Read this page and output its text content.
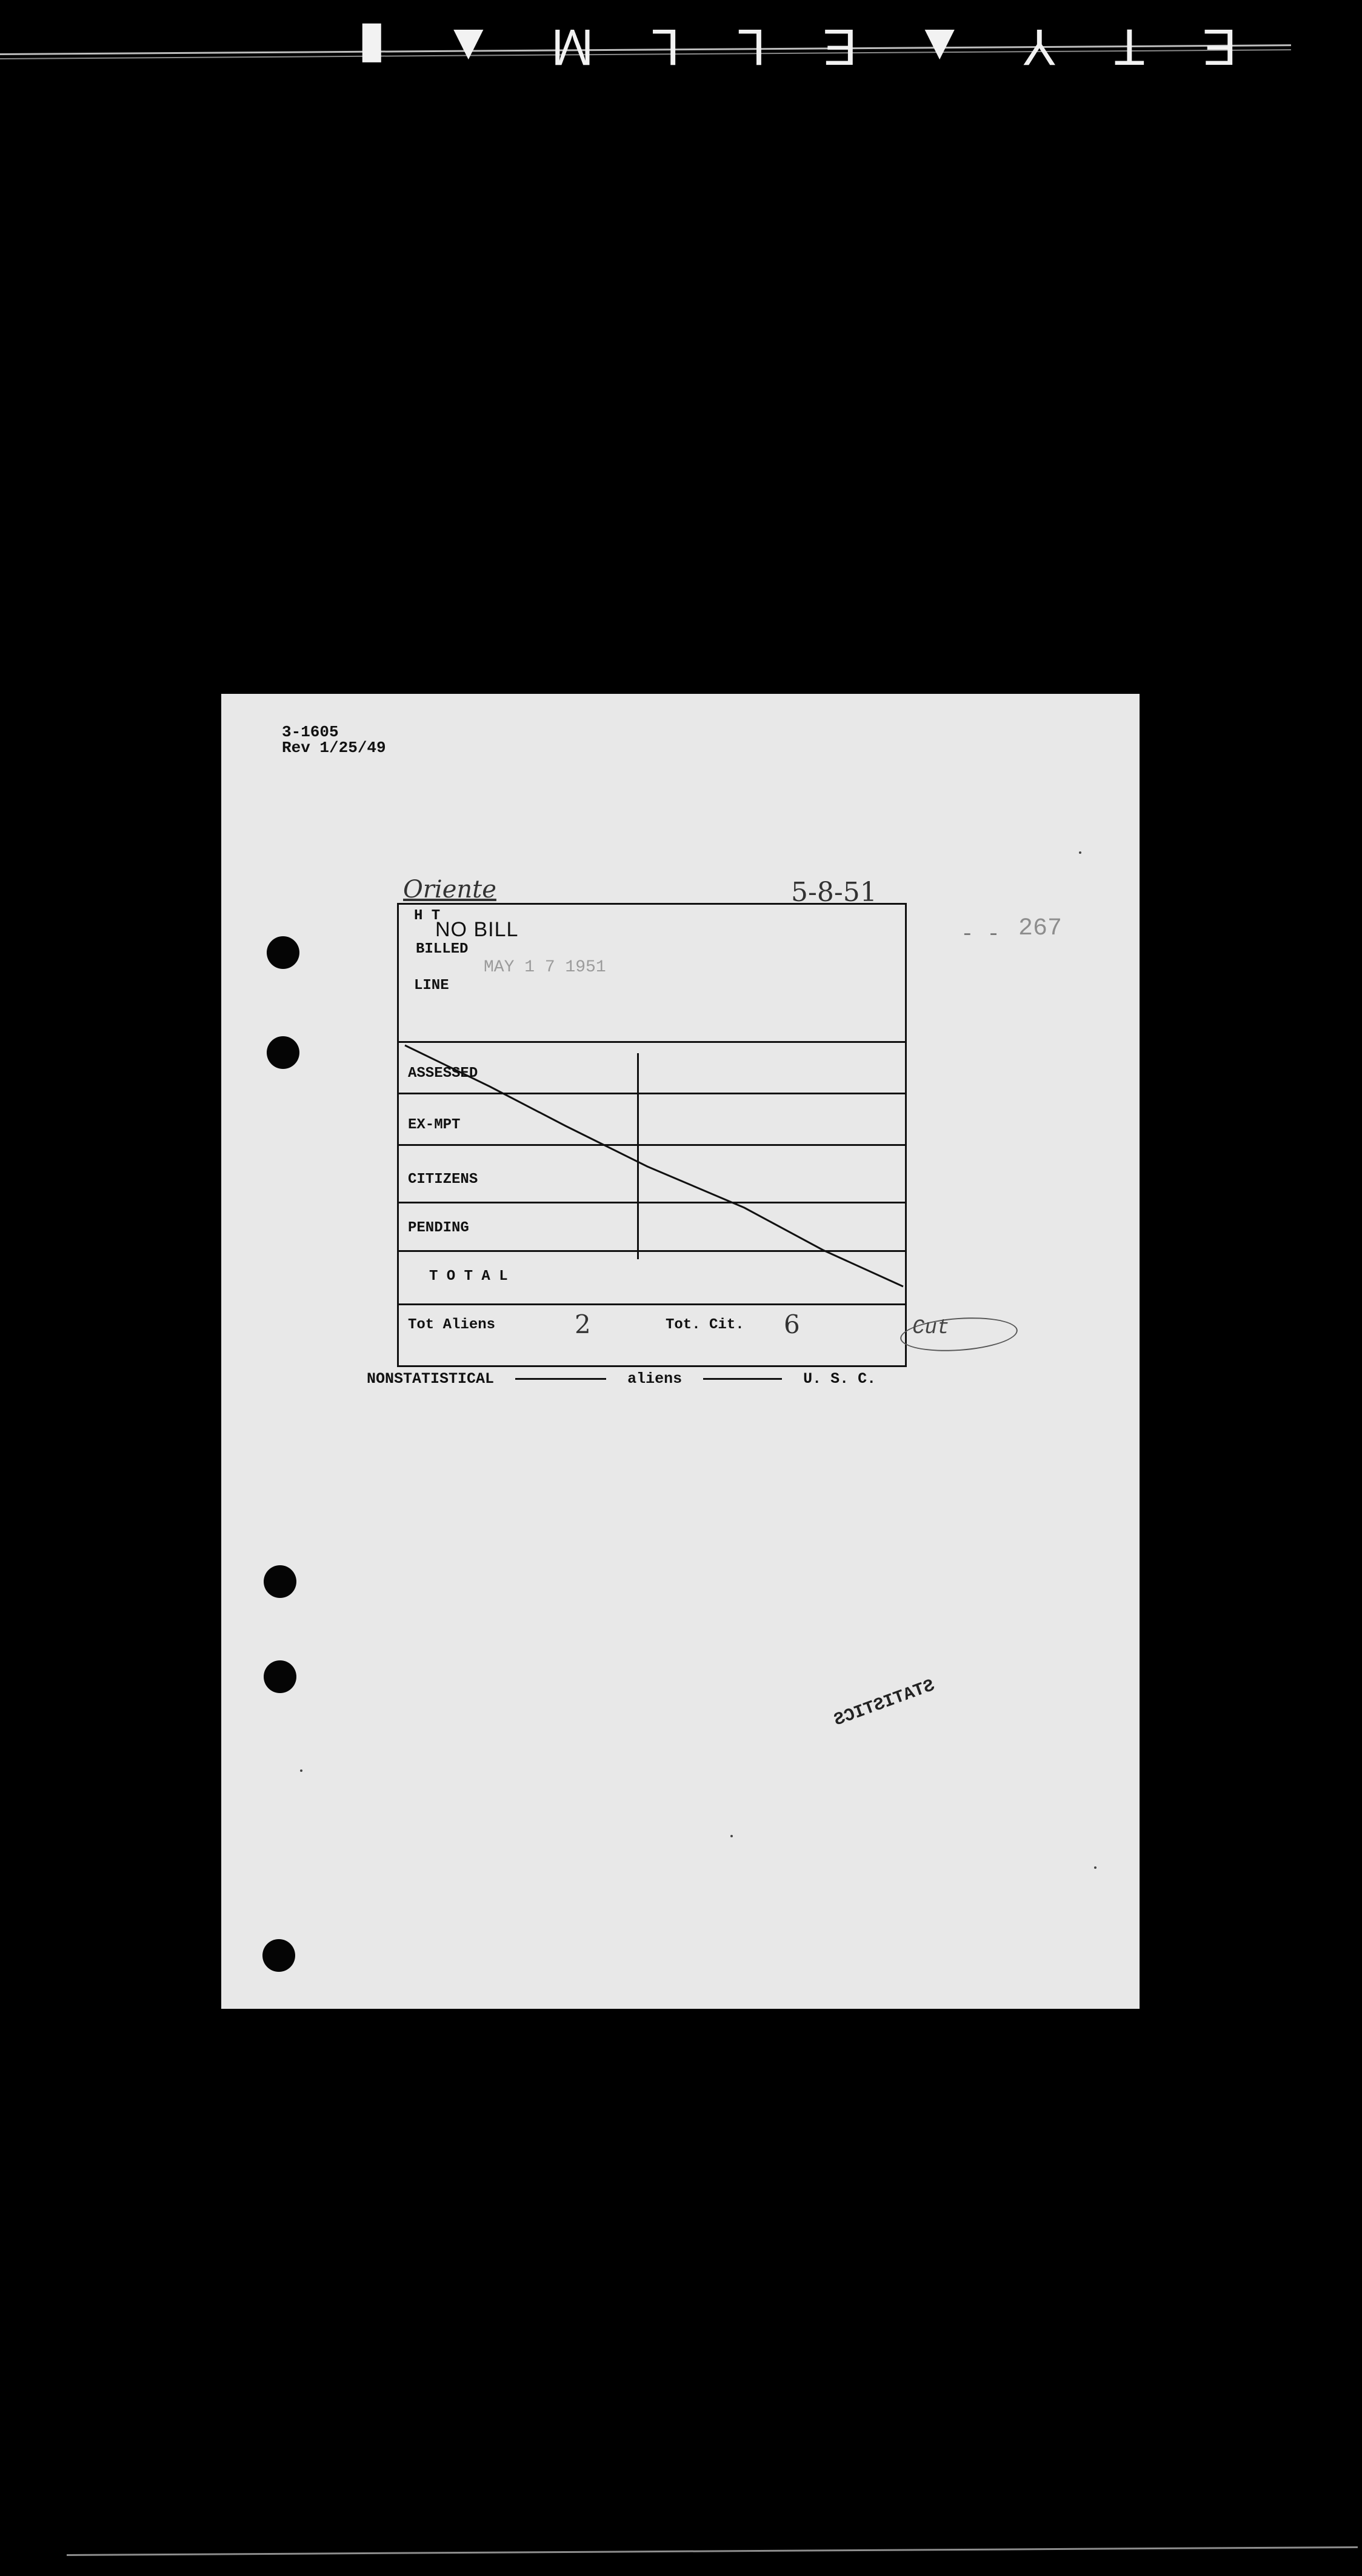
E
T
Y
▲
E
L
L
M
▲
▮
3-1605
Rev 1/25/49
Oriente	5-8-51
- - 267
H T
NO BILL
BILLED
MAY 1 7 1951
LINE
ASSESSED
EX-MPT
CITIZENS
PENDING
T O T A L
Tot Aliens	2	Tot. Cit. 6	Cut
NONSTATISTICAL	aliens	U. S. C.
STATISTICS
